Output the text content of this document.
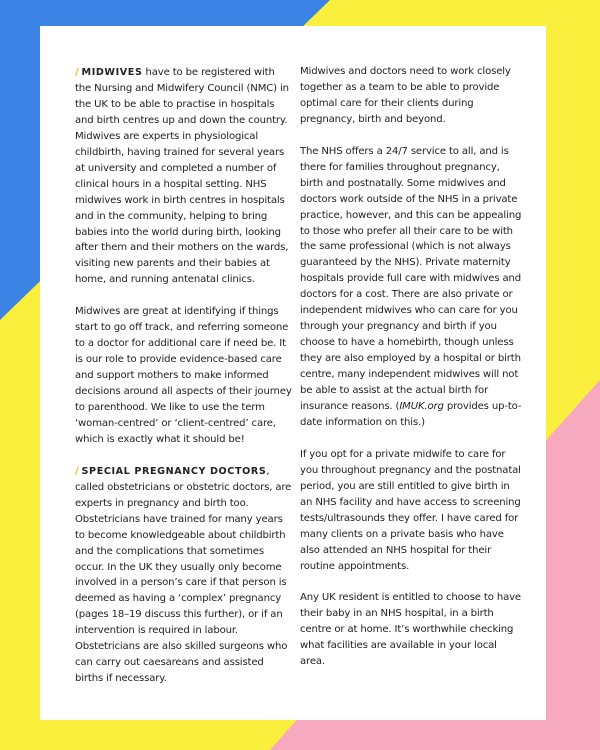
/ MIDWIVES have to be registered with the Nursing and Midwifery Council (NMC) in the UK to be able to practise in hospitals and birth centres up and down the country. Midwives are experts in physiological childbirth, having trained for several years at university and completed a number of clinical hours in a hospital setting. NHS midwives work in birth centres in hospitals and in the community, helping to bring babies into the world during birth, looking after them and their mothers on the wards, visiting new parents and their babies at home, and running antenatal clinics.

Midwives are great at identifying if things start to go off track, and referring someone to a doctor for additional care if need be. It is our role to provide evidence-based care and support mothers to make informed decisions around all aspects of their journey to parenthood. We like to use the term ‘woman-centred’ or ‘client-centred’ care, which is exactly what it should be!

/ SPECIAL PREGNANCY DOCTORS, called obstetricians or obstetric doctors, are experts in pregnancy and birth too. Obstetricians have trained for many years to become knowledgeable about childbirth and the complications that sometimes occur. In the UK they usually only become involved in a person’s care if that person is deemed as having a ‘complex’ pregnancy (pages 18–19 discuss this further), or if an intervention is required in labour. Obstetricians are also skilled surgeons who can carry out caesareans and assisted births if necessary.

Midwives and doctors need to work closely together as a team to be able to provide optimal care for their clients during pregnancy, birth and beyond.

The NHS offers a 24/7 service to all, and is there for families throughout pregnancy, birth and postnatally. Some midwives and doctors work outside of the NHS in a private practice, however, and this can be appealing to those who prefer all their care to be with the same professional (which is not always guaranteed by the NHS). Private maternity hospitals provide full care with midwives and doctors for a cost. There are also private or independent midwives who can care for you through your pregnancy and birth if you choose to have a homebirth, though unless they are also employed by a hospital or birth centre, many independent midwives will not be able to assist at the actual birth for insurance reasons. (IMUK.org provides up-to-date information on this.)

If you opt for a private midwife to care for you throughout pregnancy and the postnatal period, you are still entitled to give birth in an NHS facility and have access to screening tests/ultrasounds they offer. I have cared for many clients on a private basis who have also attended an NHS hospital for their routine appointments.

Any UK resident is entitled to choose to have their baby in an NHS hospital, in a birth centre or at home. It’s worthwhile checking what facilities are available in your local area.
